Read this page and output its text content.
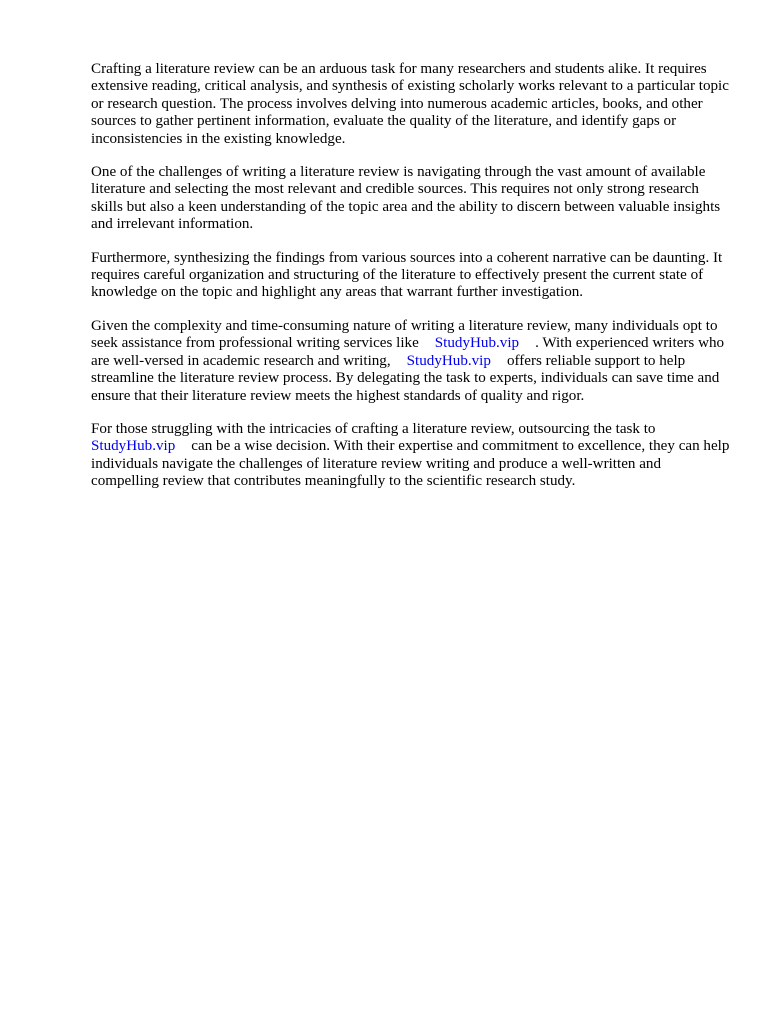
Crafting a literature review can be an arduous task for many researchers and students alike. It requires extensive reading, critical analysis, and synthesis of existing scholarly works relevant to a particular topic or research question. The process involves delving into numerous academic articles, books, and other sources to gather pertinent information, evaluate the quality of the literature, and identify gaps or inconsistencies in the existing knowledge.

One of the challenges of writing a literature review is navigating through the vast amount of available literature and selecting the most relevant and credible sources. This requires not only strong research skills but also a keen understanding of the topic area and the ability to discern between valuable insights and irrelevant information.

Furthermore, synthesizing the findings from various sources into a coherent narrative can be daunting. It requires careful organization and structuring of the literature to effectively present the current state of knowledge on the topic and highlight any areas that warrant further investigation.

Given the complexity and time-consuming nature of writing a literature review, many individuals opt to seek assistance from professional writing services like StudyHub.vip . With experienced writers who are well-versed in academic research and writing, StudyHub.vip offers reliable support to help streamline the literature review process. By delegating the task to experts, individuals can save time and ensure that their literature review meets the highest standards of quality and rigor.

For those struggling with the intricacies of crafting a literature review, outsourcing the task to StudyHub.vip can be a wise decision. With their expertise and commitment to excellence, they can help individuals navigate the challenges of literature review writing and produce a well-written and compelling review that contributes meaningfully to the scientific research study.
